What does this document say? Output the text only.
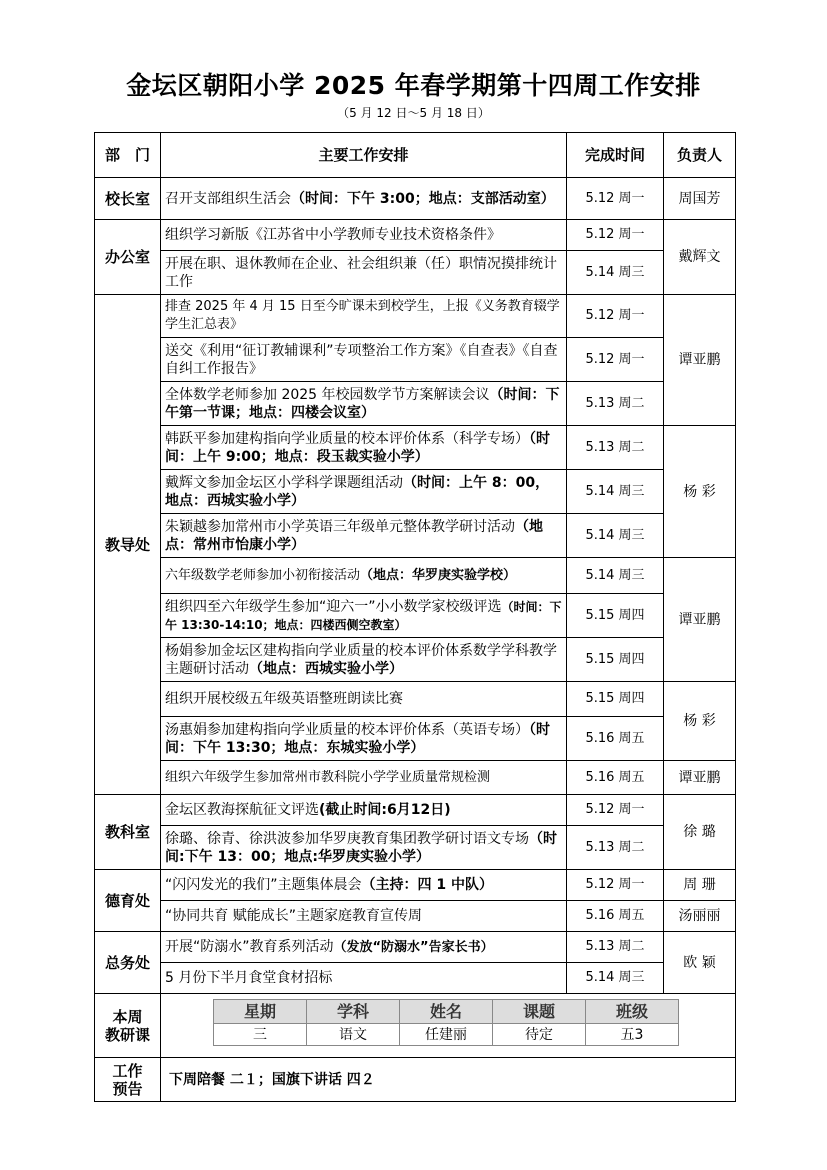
金坛区朝阳小学 2025 年春学期第十四周工作安排
（5 月 12 日～5 月 18 日）
部　门	主要工作安排	完成时间	负责人
校长室	召开支部组织生活会（时间：下午 3:00；地点：支部活动室）	5.12 周一	周国芳
办公室	组织学习新版《江苏省中小学教师专业技术资格条件》	5.12 周一	戴辉文
开展在职、退休教师在企业、社会组织兼（任）职情况摸排统计工作	5.14 周三
教导处	排查 2025 年 4 月 15 日至今旷课未到校学生，上报《义务教育辍学学生汇总表》	5.12 周一	谭亚鹏
送交《利用“征订教辅课利”专项整治工作方案》《自查表》《自查自纠工作报告》	5.12 周一
全体数学老师参加 2025 年校园数学节方案解读会议（时间：下午第一节课；地点：四楼会议室）	5.13 周二
韩跃平参加建构指向学业质量的校本评价体系（科学专场）（时间：上午 9:00；地点：段玉裁实验小学）	5.13 周二	杨 彩
戴辉文参加金坛区小学科学课题组活动（时间：上午 8：00，地点：西城实验小学）	5.14 周三
朱颖越参加常州市小学英语三年级单元整体教学研讨活动（地点：常州市怡康小学）	5.14 周三
六年级数学老师参加小初衔接活动（地点：华罗庚实验学校）	5.14 周三	谭亚鹏
组织四至六年级学生参加“迎六一”小小数学家校级评选（时间：下午 13:30-14:10；地点：四楼西侧空教室）	5.15 周四
杨娟参加金坛区建构指向学业质量的校本评价体系数学学科教学主题研讨活动（地点：西城实验小学）	5.15 周四
组织开展校级五年级英语整班朗读比赛	5.15 周四	杨 彩
汤惠娟参加建构指向学业质量的校本评价体系（英语专场）（时间：下午 13:30；地点：东城实验小学）	5.16 周五
组织六年级学生参加常州市教科院小学学业质量常规检测	5.16 周五	谭亚鹏
教科室	金坛区教海探航征文评选(截止时间:6月12日)	5.12 周一	徐 璐
徐璐、徐青、徐洪波参加华罗庚教育集团教学研讨语文专场（时间:下午 13：00；地点:华罗庚实验小学）	5.13 周二
德育处	“闪闪发光的我们”主题集体晨会（主持：四 1 中队）	5.12 周一	周 珊
“协同共育 赋能成长”主题家庭教育宣传周	5.16 周五	汤丽丽
总务处	开展“防溺水”教育系列活动（发放“防溺水”告家长书）	5.13 周二	欧 颖
5 月份下半月食堂食材招标	5.14 周三

本周
教研课

星期	学科	姓名	课题	班级
三	语文	任建丽	待定	五3

工作
预告	下周陪餐 二１；国旗下讲话 四２
